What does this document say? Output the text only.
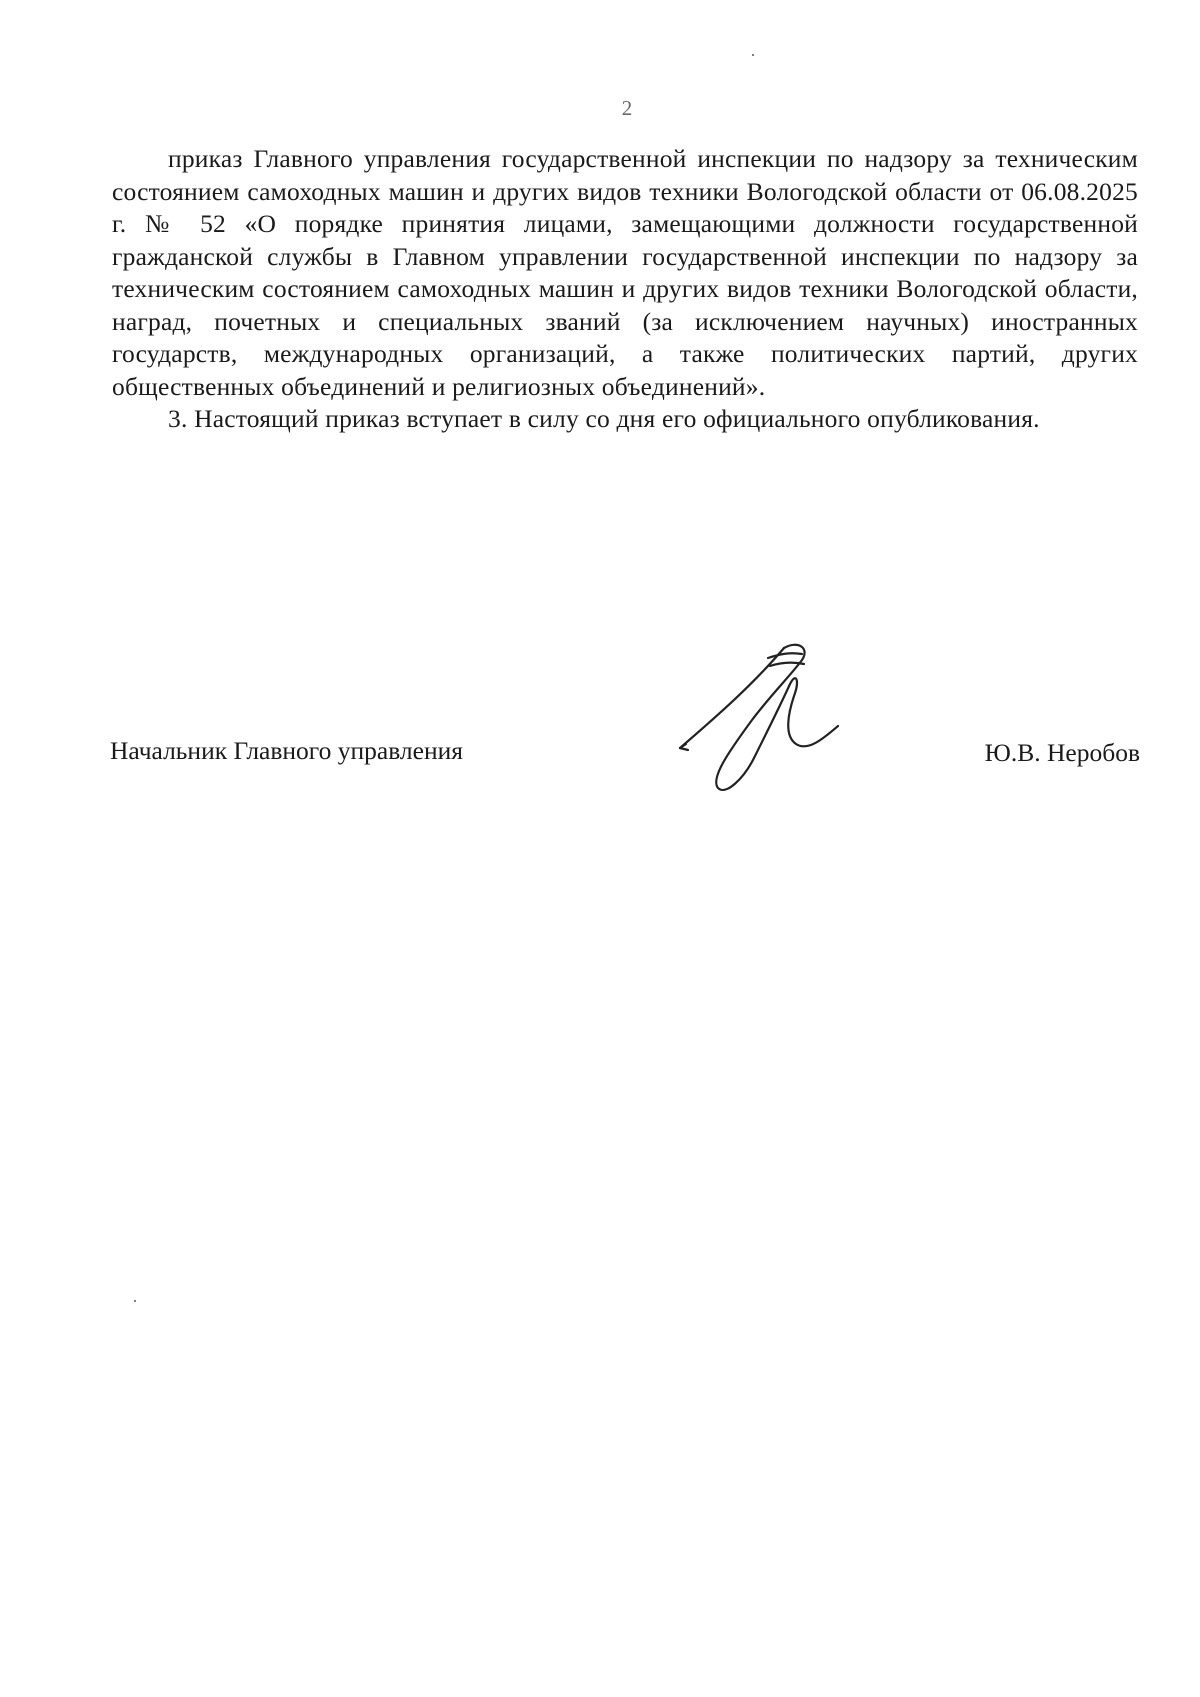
2

приказ Главного управления государственной инспекции по надзору за техническим состоянием самоходных машин и других видов техники Вологодской области от 06.08.2025 г. № 52 «О порядке принятия лицами, замещающими должности государственной гражданской службы в Главном управлении государственной инспекции по надзору за техническим состоянием самоходных машин и других видов техники Вологодской области, наград, почетных и специальных званий (за исключением научных) иностранных государств, международных организаций, а также политических партий, других общественных объединений и религиозных объединений».

3. Настоящий приказ вступает в силу со дня его официального опубликования.

Начальник Главного управления	Ю.В. Неробов
